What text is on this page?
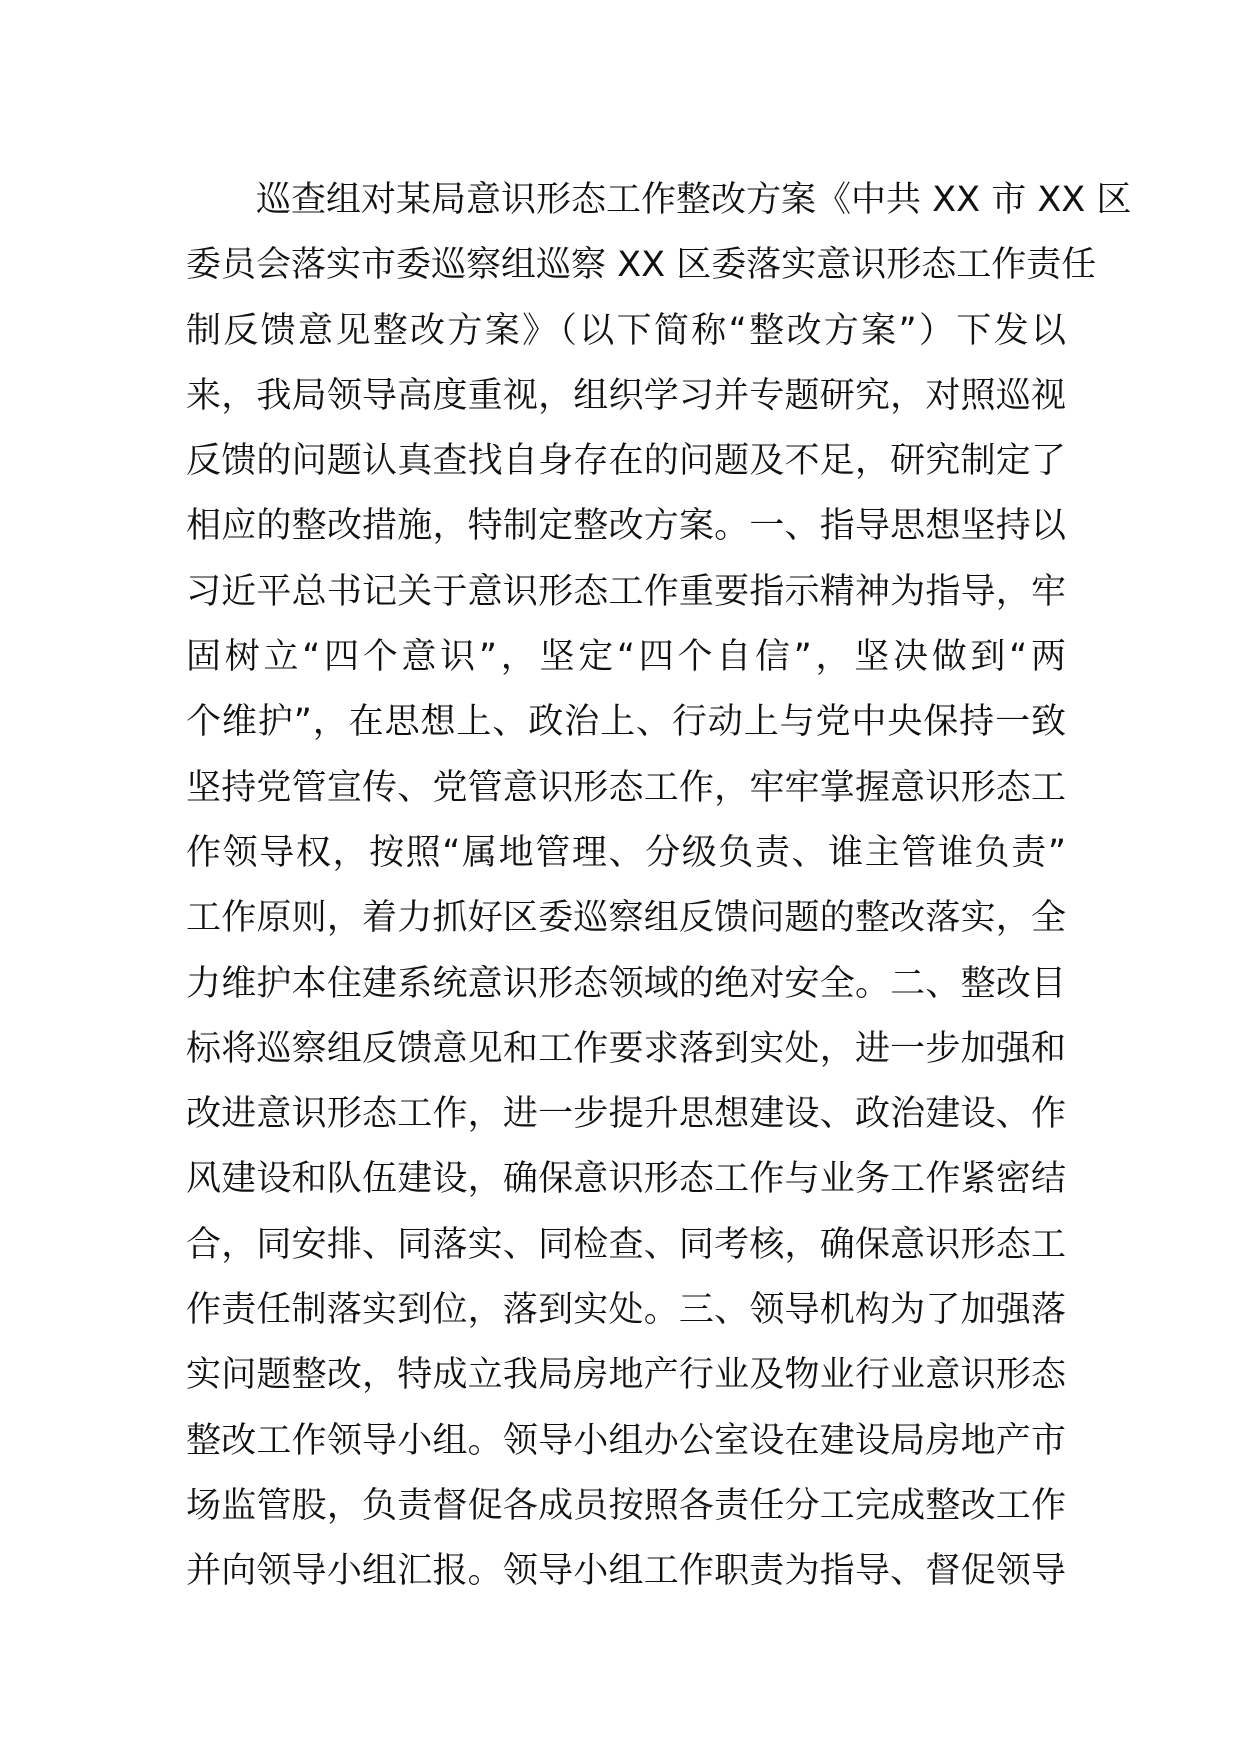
巡查组对某局意识形态工作整改方案《中共 XX 市 XX 区
委员会落实市委巡察组巡察 XX 区委落实意识形态工作责任
制反馈意见整改方案》（以下简称“整改方案”）下发以
来，我局领导高度重视，组织学习并专题研究，对照巡视
反馈的问题认真查找自身存在的问题及不足，研究制定了
相应的整改措施，特制定整改方案。一、指导思想坚持以
习近平总书记关于意识形态工作重要指示精神为指导，牢
固树立“四个意识”，坚定“四个自信”，坚决做到“两
个维护”，在思想上、政治上、行动上与党中央保持一致
坚持党管宣传、党管意识形态工作，牢牢掌握意识形态工
作领导权，按照“属地管理、分级负责、谁主管谁负责”
工作原则，着力抓好区委巡察组反馈问题的整改落实，全
力维护本住建系统意识形态领域的绝对安全。二、整改目
标将巡察组反馈意见和工作要求落到实处，进一步加强和
改进意识形态工作，进一步提升思想建设、政治建设、作
风建设和队伍建设，确保意识形态工作与业务工作紧密结
合，同安排、同落实、同检查、同考核，确保意识形态工
作责任制落实到位，落到实处。三、领导机构为了加强落
实问题整改，特成立我局房地产行业及物业行业意识形态
整改工作领导小组。领导小组办公室设在建设局房地产市
场监管股，负责督促各成员按照各责任分工完成整改工作
并向领导小组汇报。领导小组工作职责为指导、督促领导
